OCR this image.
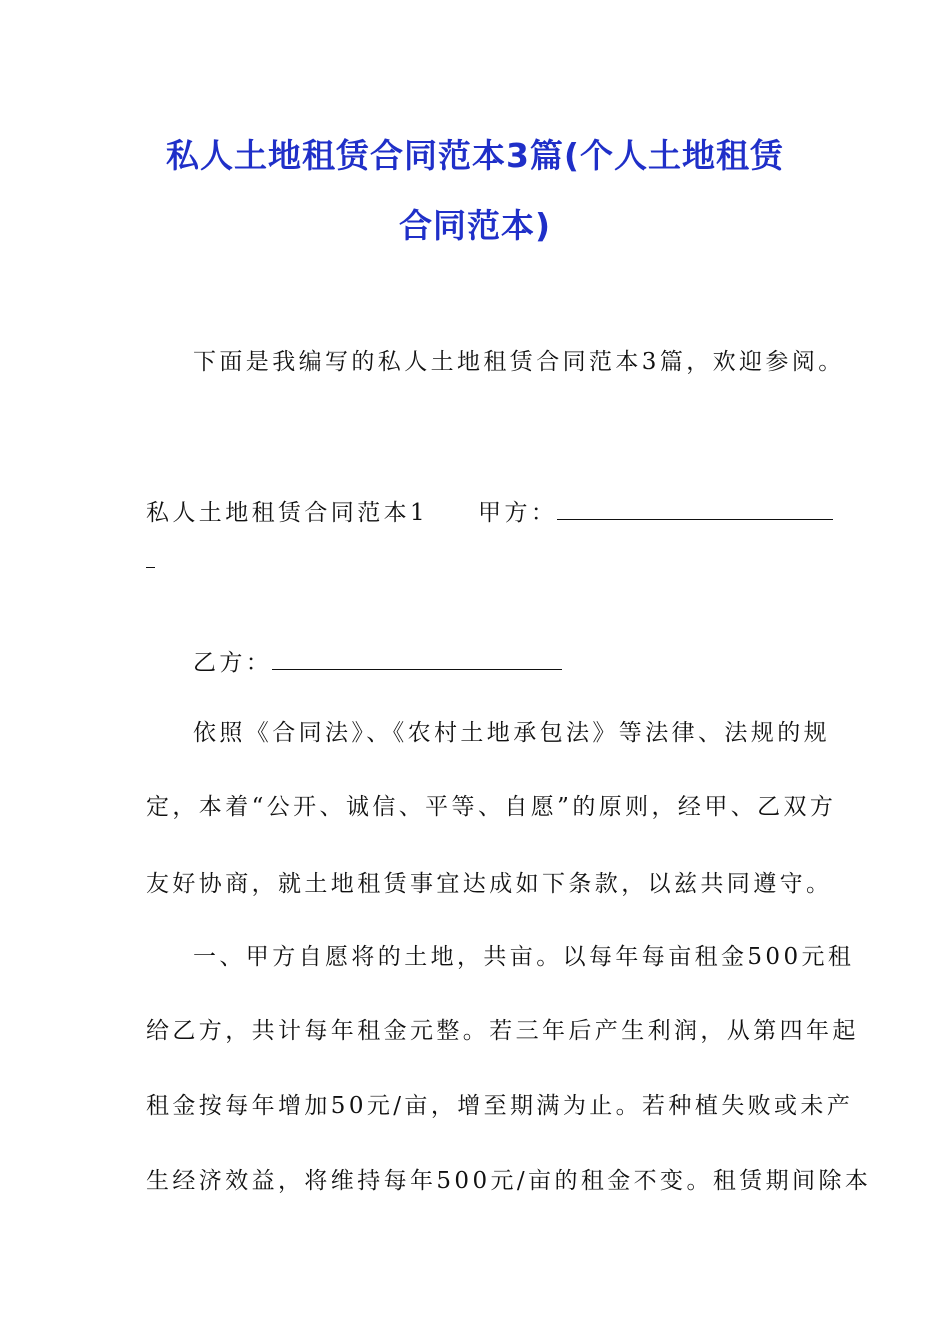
私人土地租赁合同范本3篇(个人土地租赁
合同范本)
下面是我编写的私人土地租赁合同范本3篇，欢迎参阅。
私人土地租赁合同范本1 甲方：
乙方：
依照《合同法》、《农村土地承包法》等法律、法规的规
定，本着“公开、诚信、平等、自愿”的原则，经甲、乙双方
友好协商，就土地租赁事宜达成如下条款，以兹共同遵守。
一、甲方自愿将的土地，共亩。以每年每亩租金500元租
给乙方，共计每年租金元整。若三年后产生利润，从第四年起
租金按每年增加50元/亩，增至期满为止。若种植失败或未产
生经济效益，将维持每年500元/亩的租金不变。租赁期间除本
